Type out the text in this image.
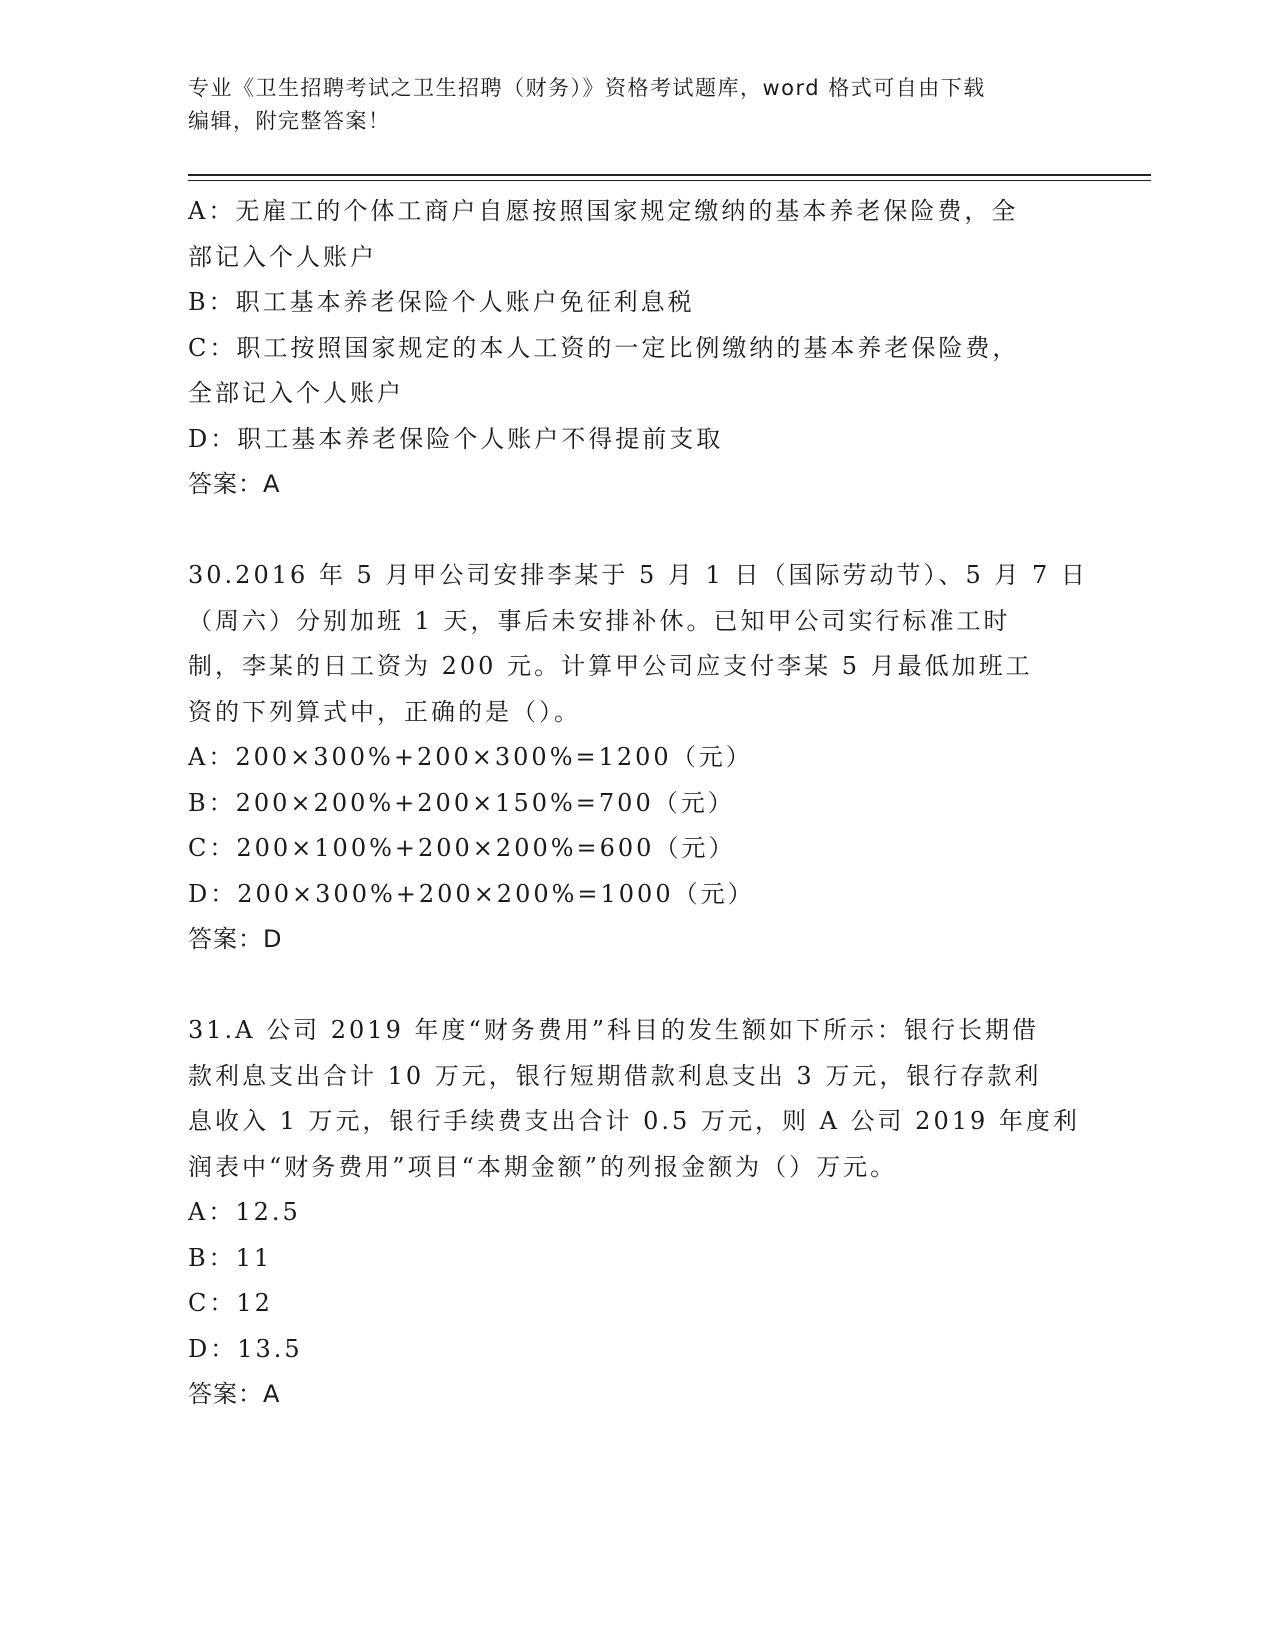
专业《卫生招聘考试之卫生招聘（财务）》资格考试题库，word 格式可自由下载
编辑，附完整答案！
A：无雇工的个体工商户自愿按照国家规定缴纳的基本养老保险费，全
部记入个人账户
B：职工基本养老保险个人账户免征利息税
C：职工按照国家规定的本人工资的一定比例缴纳的基本养老保险费，
全部记入个人账户
D：职工基本养老保险个人账户不得提前支取
答案：A
30.2016 年 5 月甲公司安排李某于 5 月 1 日（国际劳动节）、5 月 7 日
（周六）分别加班 1 天，事后未安排补休。已知甲公司实行标准工时
制，李某的日工资为 200 元。计算甲公司应支付李某 5 月最低加班工
资的下列算式中，正确的是（）。
A：200×300%+200×300%=1200（元）
B：200×200%+200×150%=700（元）
C：200×100%+200×200%=600（元）
D：200×300%+200×200%=1000（元）
答案：D
31.A 公司 2019 年度“财务费用”科目的发生额如下所示：银行长期借
款利息支出合计 10 万元，银行短期借款利息支出 3 万元，银行存款利
息收入 1 万元，银行手续费支出合计 0.5 万元，则 A 公司 2019 年度利
润表中“财务费用”项目“本期金额”的列报金额为（）万元。
A：12.5
B：11
C：12
D：13.5
答案：A
